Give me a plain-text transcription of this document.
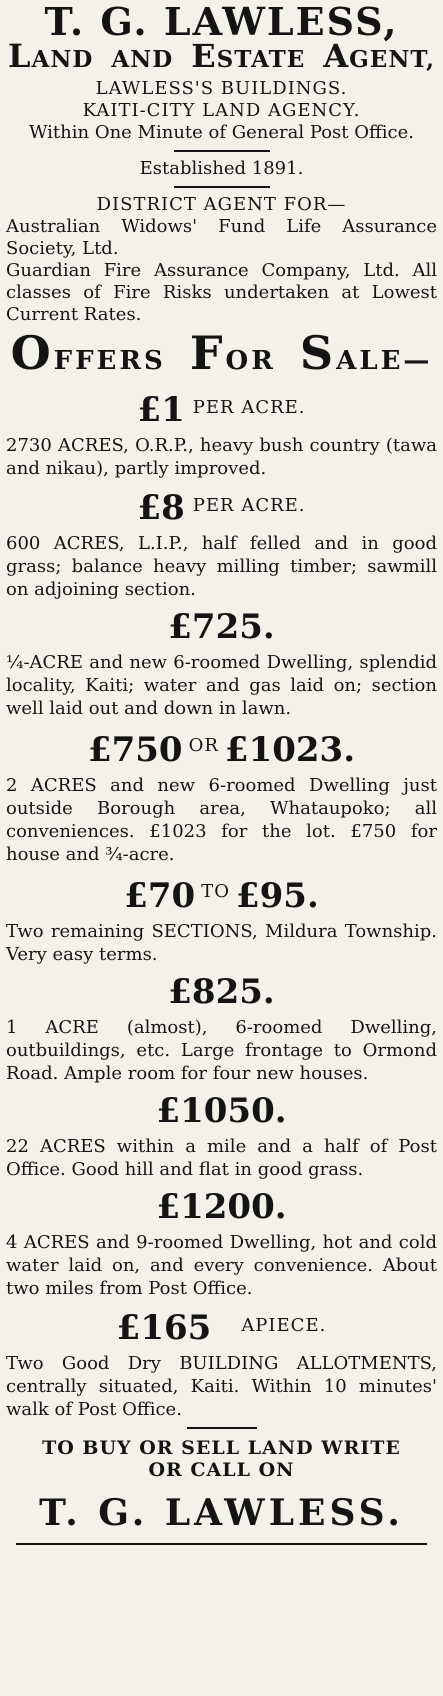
T. G. LAWLESS,
LAND AND ESTATE AGENT,
LAWLESS'S BUILDINGS.
KAITI-CITY LAND AGENCY.
Within One Minute of General Post Office.
Established 1891.
DISTRICT AGENT FOR—
Australian Widows' Fund Life Assurance Society, Ltd.
Guardian Fire Assurance Company, Ltd. All classes of Fire Risks undertaken at Lowest Current Rates.
OFFERS FOR SALE—
£1 $^{PER ACRE.}$
2730 ACRES, O.R.P., heavy bush country (tawa and nikau), partly improved.
£8 $^{PER ACRE.}$
600 ACRES, L.I.P., half felled and in good grass; balance heavy milling timber; sawmill on adjoining section.
£725.
¼-ACRE and new 6-roomed Dwelling, splendid locality, Kaiti; water and gas laid on; section well laid out and down in lawn.
£750 $^{OR}$ £1023.
2 ACRES and new 6-roomed Dwelling just outside Borough area, Whataupoko; all conveniences. £1023 for the lot. £750 for house and ¾-acre.
£70 $^{TO}$ £95.
Two remaining SECTIONS, Mildura Township. Very easy terms.
£825.
1 ACRE (almost), 6-roomed Dwelling, outbuildings, etc. Large frontage to Ormond Road. Ample room for four new houses.
£1050.
22 ACRES within a mile and a half of Post Office. Good hill and flat in good grass.
£1200.
4 ACRES and 9-roomed Dwelling, hot and cold water laid on, and every convenience. About two miles from Post Office.
£165 $^{APIECE.}$
Two Good Dry BUILDING ALLOTMENTS, centrally situated, Kaiti. Within 10 minutes' walk of Post Office.
TO BUY OR SELL LAND WRITE
OR CALL ON
T. G. LAWLESS.
